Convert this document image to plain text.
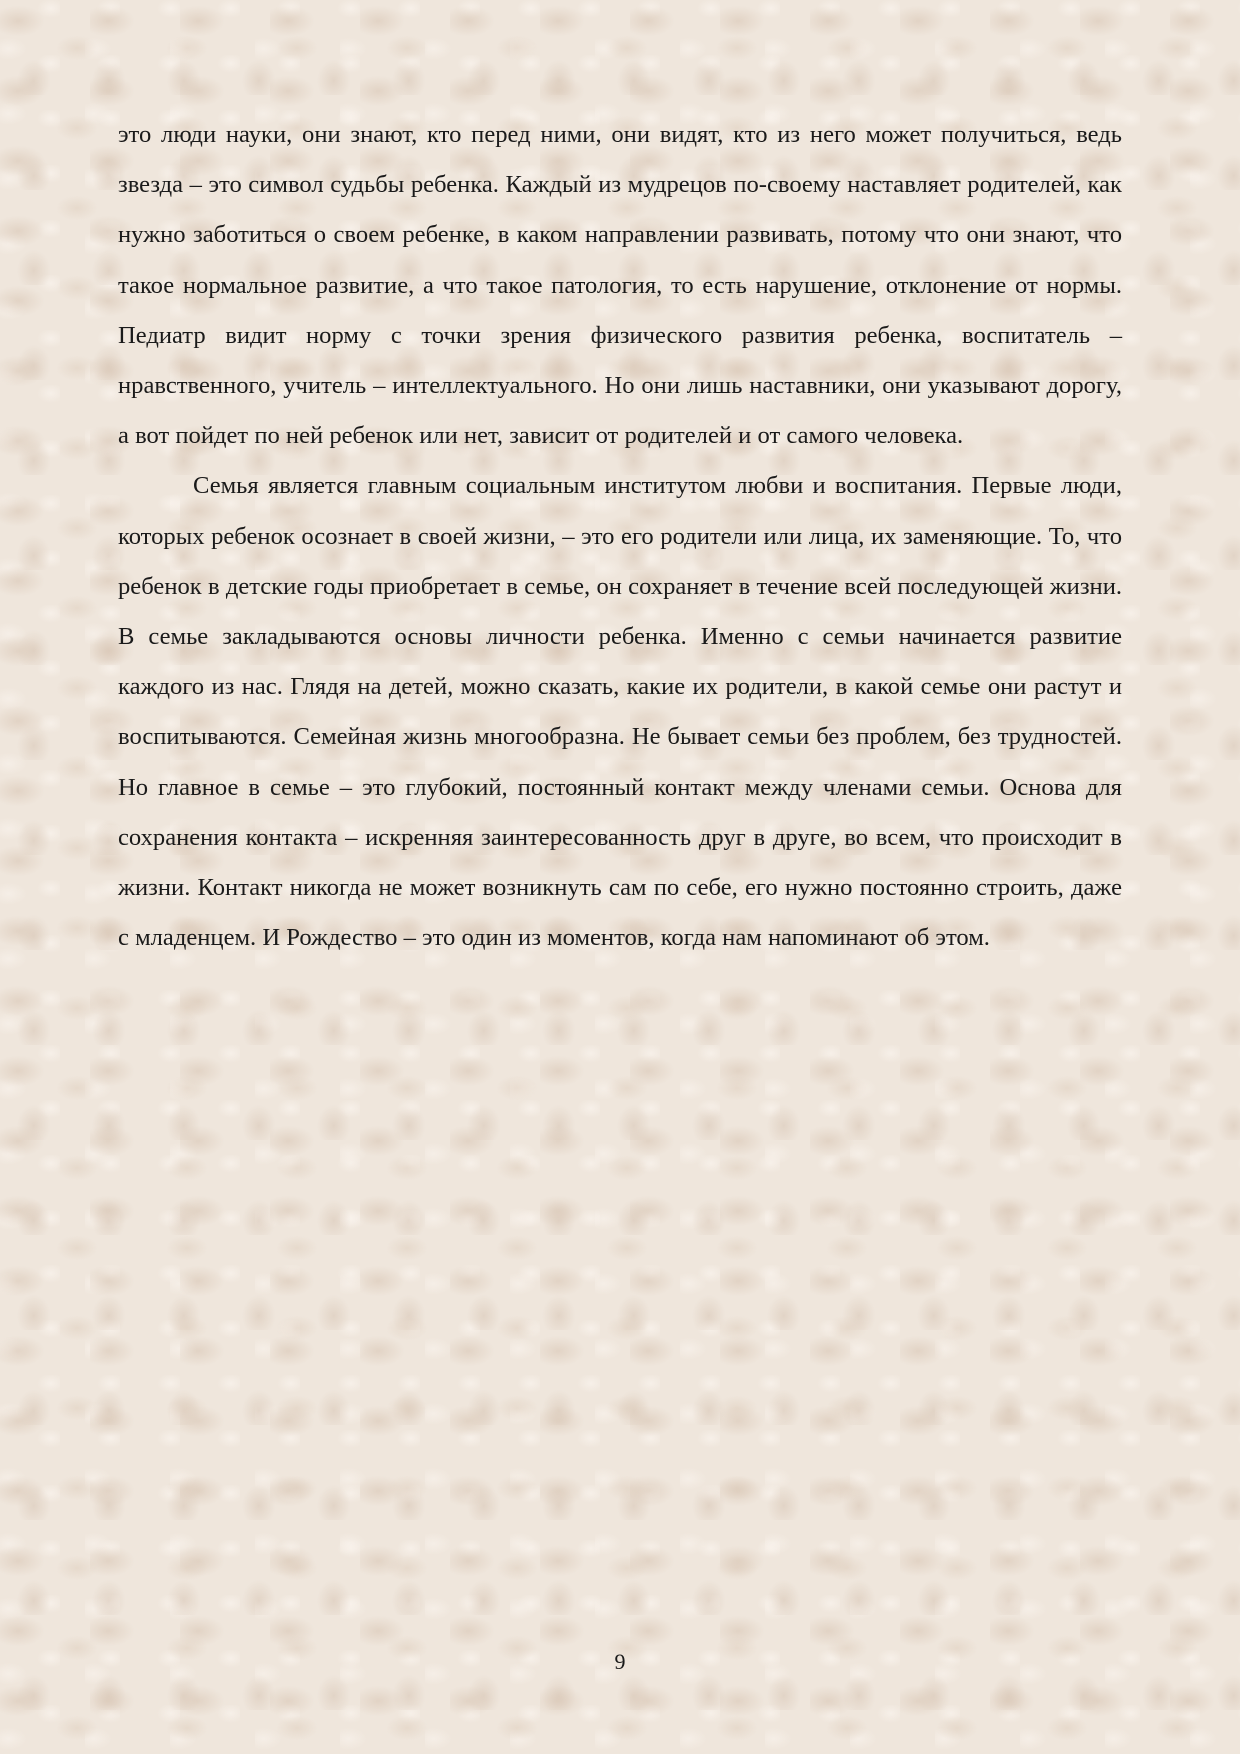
это люди науки, они знают, кто перед ними, они видят, кто из него может получиться, ведь звезда – это символ судьбы ребенка. Каждый из мудрецов по-своему наставляет родителей, как нужно заботиться о своем ребенке, в каком направлении развивать, потому что они знают, что такое нормальное развитие, а что такое патология, то есть нарушение, отклонение от нормы. Педиатр видит норму с точки зрения физического развития ребенка, воспитатель – нравственного, учитель – интеллектуального. Но они лишь наставники, они указывают дорогу, а вот пойдет по ней ребенок или нет, зависит от родителей и от самого человека.

Семья является главным социальным институтом любви и воспитания. Первые люди, которых ребенок осознает в своей жизни, – это его родители или лица, их заменяющие. То, что ребенок в детские годы приобретает в семье, он сохраняет в течение всей последующей жизни. В семье закладываются основы личности ребенка. Именно с семьи начинается развитие каждого из нас. Глядя на детей, можно сказать, какие их родители, в какой семье они растут и воспитываются. Семейная жизнь многообразна. Не бывает семьи без проблем, без трудностей. Но главное в семье – это глубокий, постоянный контакт между членами семьи. Основа для сохранения контакта – искренняя заинтересованность друг в друге, во всем, что происходит в жизни. Контакт никогда не может возникнуть сам по себе, его нужно постоянно строить, даже с младенцем. И Рождество – это один из моментов, когда нам напоминают об этом.

9
